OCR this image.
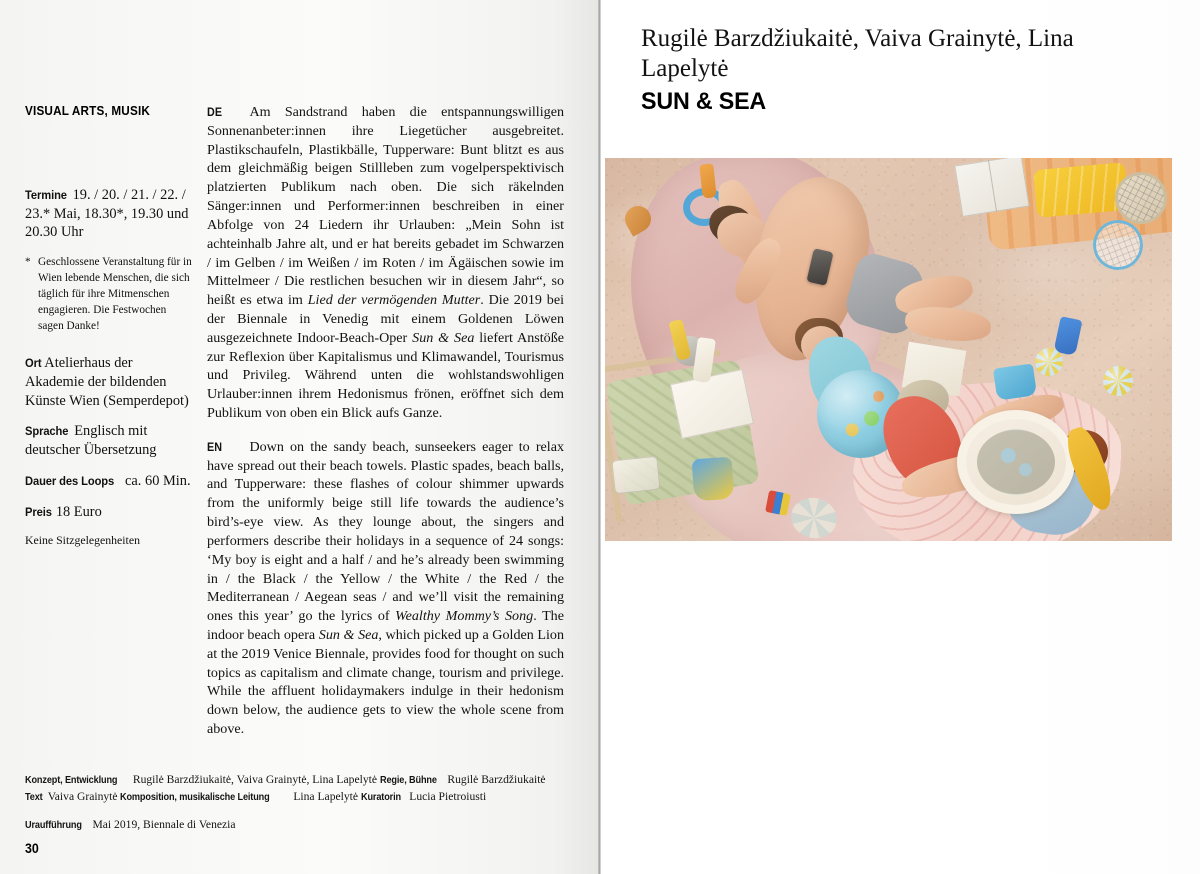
VISUAL ARTS, MUSIK

Termine 19. / 20. / 21. / 22. / 23.* Mai, 18.30*, 19.30 und 20.30 Uhr

* Geschlossene Veranstaltung für in Wien lebende Menschen, die sich täglich für ihre Mitmenschen engagieren. Die Festwochen sagen Danke!

Ort Atelierhaus der Akademie der bildenden Künste Wien (Semperdepot)

Sprache Englisch mit deutscher Übersetzung

Dauer des Loops ca. 60 Min.

Preis 18 Euro

Keine Sitzgelegenheiten

DE Am Sandstrand haben die entspannungswilligen Sonnenanbeter:innen ihre Liegetücher ausgebreitet. Plastikschaufeln, Plastikbälle, Tupperware: Bunt blitzt es aus dem gleichmäßig beigen Stillleben zum vogelperspektivisch platzierten Publikum nach oben. Die sich räkelnden Sänger:innen und Performer:innen beschreiben in einer Abfolge von 24 Liedern ihr Urlauben: „Mein Sohn ist achteinhalb Jahre alt, und er hat bereits gebadet im Schwarzen / im Gelben / im Weißen / im Roten / im Ägäischen sowie im Mittelmeer / Die restlichen besuchen wir in diesem Jahr“, so heißt es etwa im Lied der vermögenden Mutter. Die 2019 bei der Biennale in Venedig mit einem Goldenen Löwen ausgezeichnete Indoor-Beach-Oper Sun & Sea liefert Anstöße zur Reflexion über Kapitalismus und Klimawandel, Tourismus und Privileg. Während unten die wohlstandswohligen Urlauber:innen ihrem Hedonismus frönen, eröffnet sich dem Publikum von oben ein Blick aufs Ganze.

EN Down on the sandy beach, sunseekers eager to relax have spread out their beach towels. Plastic spades, beach balls, and Tupperware: these flashes of colour shimmer upwards from the uniformly beige still life towards the audience’s bird’s-eye view. As they lounge about, the singers and performers describe their holidays in a sequence of 24 songs: ‘My boy is eight and a half / and he’s already been swimming in / the Black / the Yellow / the White / the Red / the Mediterranean / Aegean seas / and we’ll visit the remaining ones this year’ go the lyrics of Wealthy Mommy’s Song. The indoor beach opera Sun & Sea, which picked up a Golden Lion at the 2019 Venice Biennale, provides food for thought on such topics as capitalism and climate change, tourism and privilege. While the affluent holidaymakers indulge in their hedonism down below, the audience gets to view the whole scene from above.

Rugilė Barzdžiukaitė, Vaiva Grainytė, Lina Lapelytė
SUN & SEA

Konzept, Entwicklung Rugilė Barzdžiukaitė, Vaiva Grainytė, Lina Lapelytė Regie, Bühne Rugilė Barzdžiukaitė Text Vaiva Grainytė Komposition, musikalische Leitung Lina Lapelytė Kuratorin Lucia Pietroiusti

Uraufführung Mai 2019, Biennale di Venezia

30
